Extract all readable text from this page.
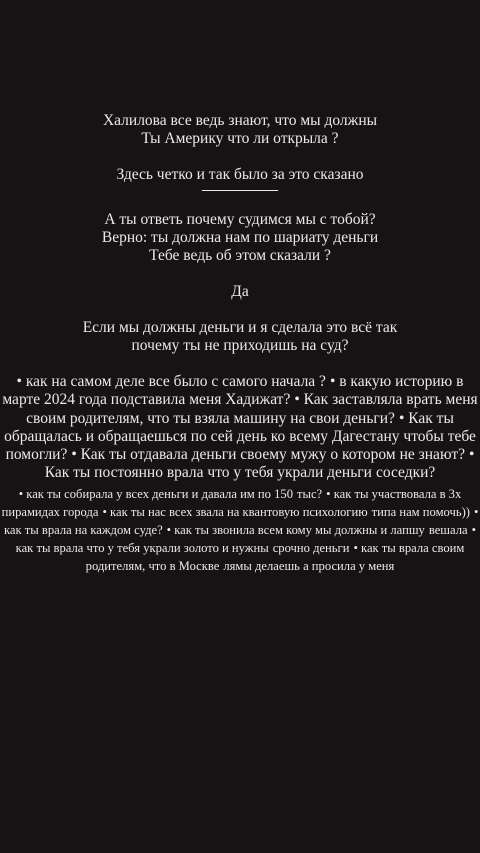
Халилова все ведь знают, что мы должны
Ты Америку что ли открыла ?
Здесь четко и так было за это сказано
А ты ответь почему судимся мы с тобой?
Верно: ты должна нам по шариату деньги
Тебе ведь об этом сказали ?
Да
Если мы должны деньги и я сделала это всё так
почему ты не приходишь на суд?
• как на самом деле все было с самого начала ? • в какую историю в марте 2024 года подставила меня Хадижат? • Как заставляла врать меня своим родителям, что ты взяла машину на свои деньги? • Как ты обращалась и обращаешься по сей день ко всему Дагестану чтобы тебе помогли? • Как ты отдавала деньги своему мужу о котором не знают? • Как ты постоянно врала что у тебя украли деньги соседки?
• как ты собирала у всех деньги и давала им по 150 тыс? • как ты участвовала в 3х пирамидах города • как ты нас всех звала на квантовую психологию типа нам помочь)) • как ты врала на каждом суде? • как ты звонила всем кому мы должны и лапшу вешала • как ты врала что у тебя украли золото и нужны срочно деньги • как ты врала своим родителям, что в Москве лямы делаешь а просила у меня
